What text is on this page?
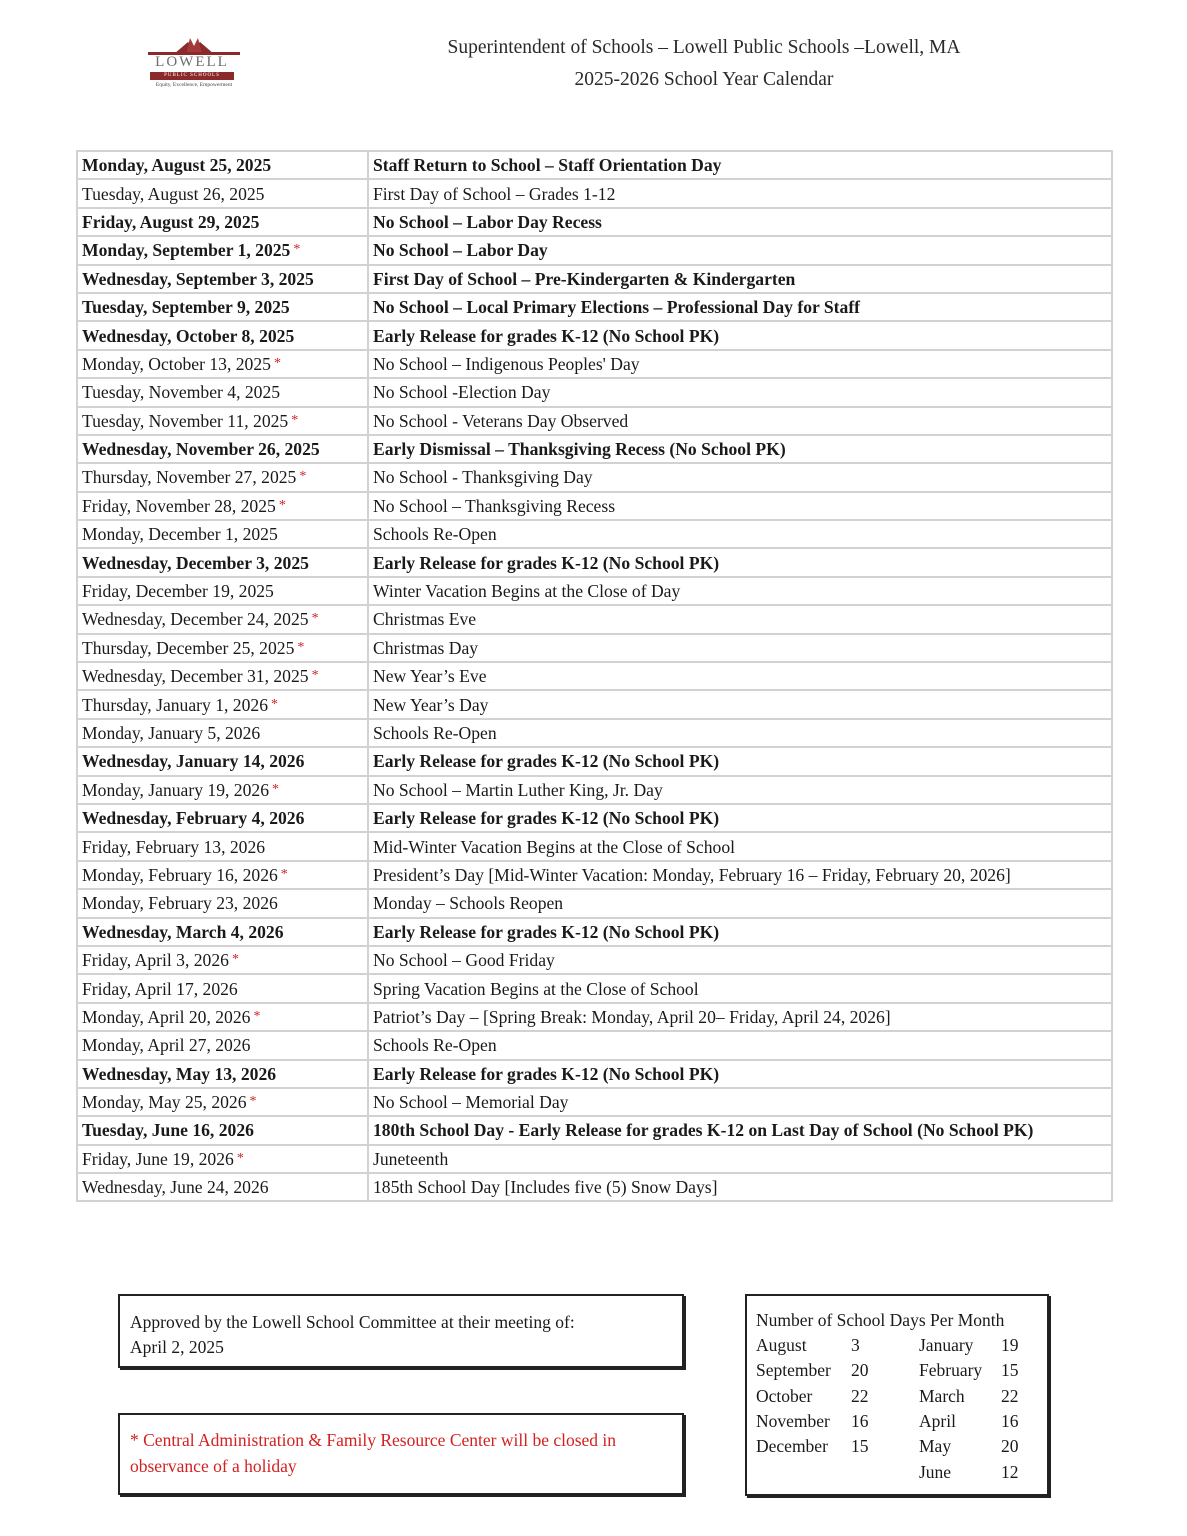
LOWELL
PUBLIC SCHOOLS
Equity, Excellence, Empowerment
Superintendent of Schools – Lowell Public Schools –Lowell, MA
2025-2026 School Year Calendar
Monday, August 25, 2025	Staff Return to School – Staff Orientation Day
Tuesday, August 26, 2025	First Day of School – Grades 1-12
Friday, August 29, 2025	No School – Labor Day Recess
Monday, September 1, 2025 *	No School – Labor Day
Wednesday, September 3, 2025	First Day of School – Pre-Kindergarten & Kindergarten
Tuesday, September 9, 2025	No School – Local Primary Elections – Professional Day for Staff
Wednesday, October 8, 2025	Early Release for grades K-12 (No School PK)
Monday, October 13, 2025 *	No School – Indigenous Peoples' Day
Tuesday, November 4, 2025	No School -Election Day
Tuesday, November 11, 2025 *	No School - Veterans Day Observed
Wednesday, November 26, 2025	Early Dismissal – Thanksgiving Recess (No School PK)
Thursday, November 27, 2025 *	No School - Thanksgiving Day
Friday, November 28, 2025 *	No School – Thanksgiving Recess
Monday, December 1, 2025	Schools Re-Open
Wednesday, December 3, 2025	Early Release for grades K-12 (No School PK)
Friday, December 19, 2025	Winter Vacation Begins at the Close of Day
Wednesday, December 24, 2025 *	Christmas Eve
Thursday, December 25, 2025 *	Christmas Day
Wednesday, December 31, 2025 *	New Year’s Eve
Thursday, January 1, 2026 *	New Year’s Day
Monday, January 5, 2026	Schools Re-Open
Wednesday, January 14, 2026	Early Release for grades K-12 (No School PK)
Monday, January 19, 2026 *	No School – Martin Luther King, Jr. Day
Wednesday, February 4, 2026	Early Release for grades K-12 (No School PK)
Friday, February 13, 2026	Mid-Winter Vacation Begins at the Close of School
Monday, February 16, 2026 *	President’s Day [Mid-Winter Vacation: Monday, February 16 – Friday, February 20, 2026]
Monday, February 23, 2026	Monday – Schools Reopen
Wednesday, March 4, 2026	Early Release for grades K-12 (No School PK)
Friday, April 3, 2026 *	No School – Good Friday
Friday, April 17, 2026	Spring Vacation Begins at the Close of School
Monday, April 20, 2026 *	Patriot’s Day – [Spring Break: Monday, April 20– Friday, April 24, 2026]
Monday, April 27, 2026	Schools Re-Open
Wednesday, May 13, 2026	Early Release for grades K-12 (No School PK)
Monday, May 25, 2026 *	No School – Memorial Day
Tuesday, June 16, 2026	180th School Day - Early Release for grades K-12 on Last Day of School (No School PK)
Friday, June 19, 2026 *	Juneteenth
Wednesday, June 24, 2026	185th School Day [Includes five (5) Snow Days]
Approved by the Lowell School Committee at their meeting of:
April 2, 2025
* Central Administration & Family Resource Center will be closed in observance of a holiday
Number of School Days Per Month
August	3
September 20
October 22
November 16
December 15
January 19
February 15
March 22
April	16
May	20
June	12
